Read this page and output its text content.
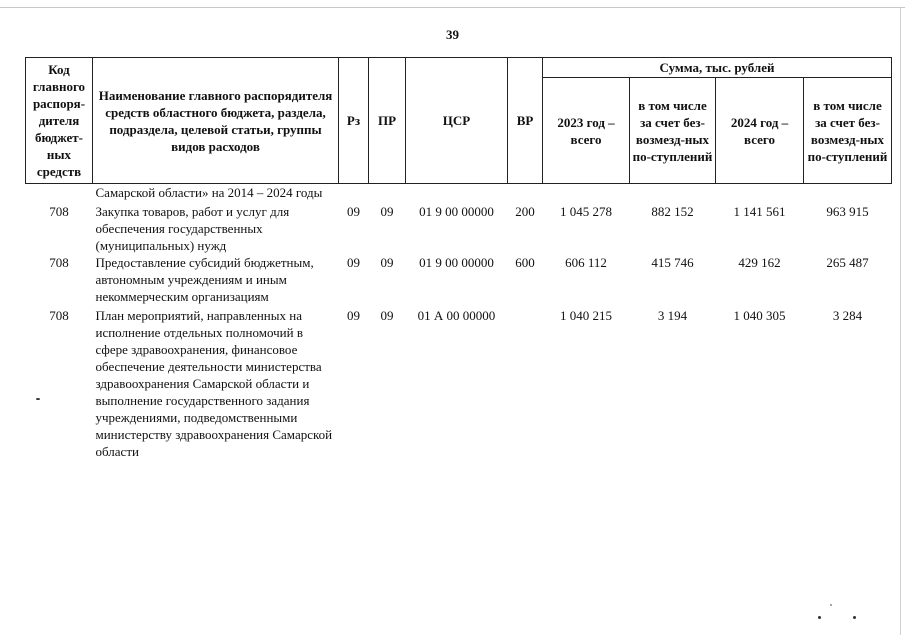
39
Код главного распоря-дителя бюджет-ных средств	Наименование главного распорядителя средств областного бюджета, раздела, подраздела, целевой статьи, группы видов расходов	Рз	ПР	ЦСР	ВР	Сумма, тыс. рублей			
						2023 год – всего	в том числе за счет без-возмезд-ных по-ступлений	2024 год – всего	в том числе за счет без-возмезд-ных по-ступлений
	Самарской области» на 2014 – 2024 годы								
708	Закупка товаров, работ и услуг для обеспечения государственных (муниципальных) нужд	09	09	01 9 00 00000	200	1 045 278	882 152	1 141 561	963 915
708	Предоставление субсидий бюджетным, автономным учреждениям и иным некоммерческим организациям	09	09	01 9 00 00000	600	606 112	415 746	429 162	265 487
708	План мероприятий, направленных на исполнение отдельных полномочий в сфере здравоохранения, финансовое обеспечение деятельности министерства здравоохранения Самарской области и выполнение государственного задания учреждениями, подведомственными министерству здравоохранения Самарской области	09	09	01 А 00 00000		1 040 215	3 194	1 040 305	3 284
